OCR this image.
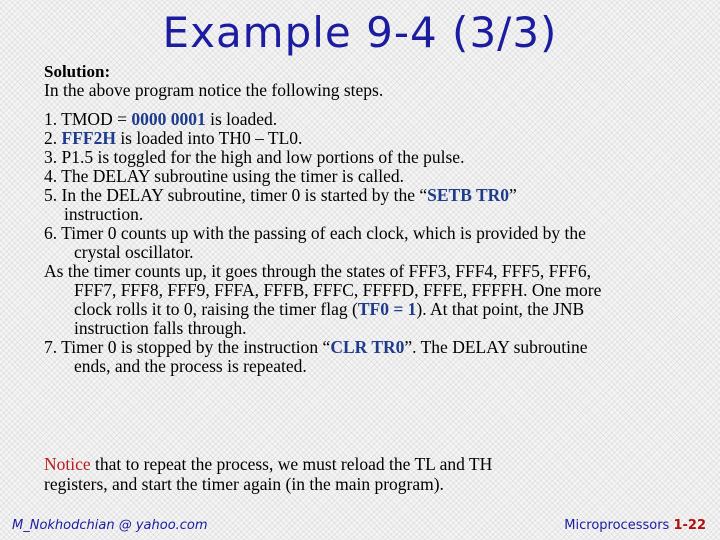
Example 9-4 (3/3)
Solution:
In the above program notice the following steps.
1. TMOD = 0000 0001 is loaded.
2. FFF2H is loaded into TH0 – TL0.
3. P1.5 is toggled for the high and low portions of the pulse.
4. The DELAY subroutine using the timer is called.
5. In the DELAY subroutine, timer 0 is started by the “SETB TR0”
instruction.
6. Timer 0 counts up with the passing of each clock, which is provided by the
crystal oscillator.
As the timer counts up, it goes through the states of FFF3, FFF4, FFF5, FFF6,
FFF7, FFF8, FFF9, FFFA, FFFB, FFFC, FFFFD, FFFE, FFFFH. One more
clock rolls it to 0, raising the timer flag (TF0 = 1). At that point, the JNB
instruction falls through.
7. Timer 0 is stopped by the instruction “CLR TR0”. The DELAY subroutine
ends, and the process is repeated.
Notice that to repeat the process, we must reload the TL and TH
registers, and start the timer again (in the main program).
M_Nokhodchian @ yahoo.com	Microprocessors 1-22
